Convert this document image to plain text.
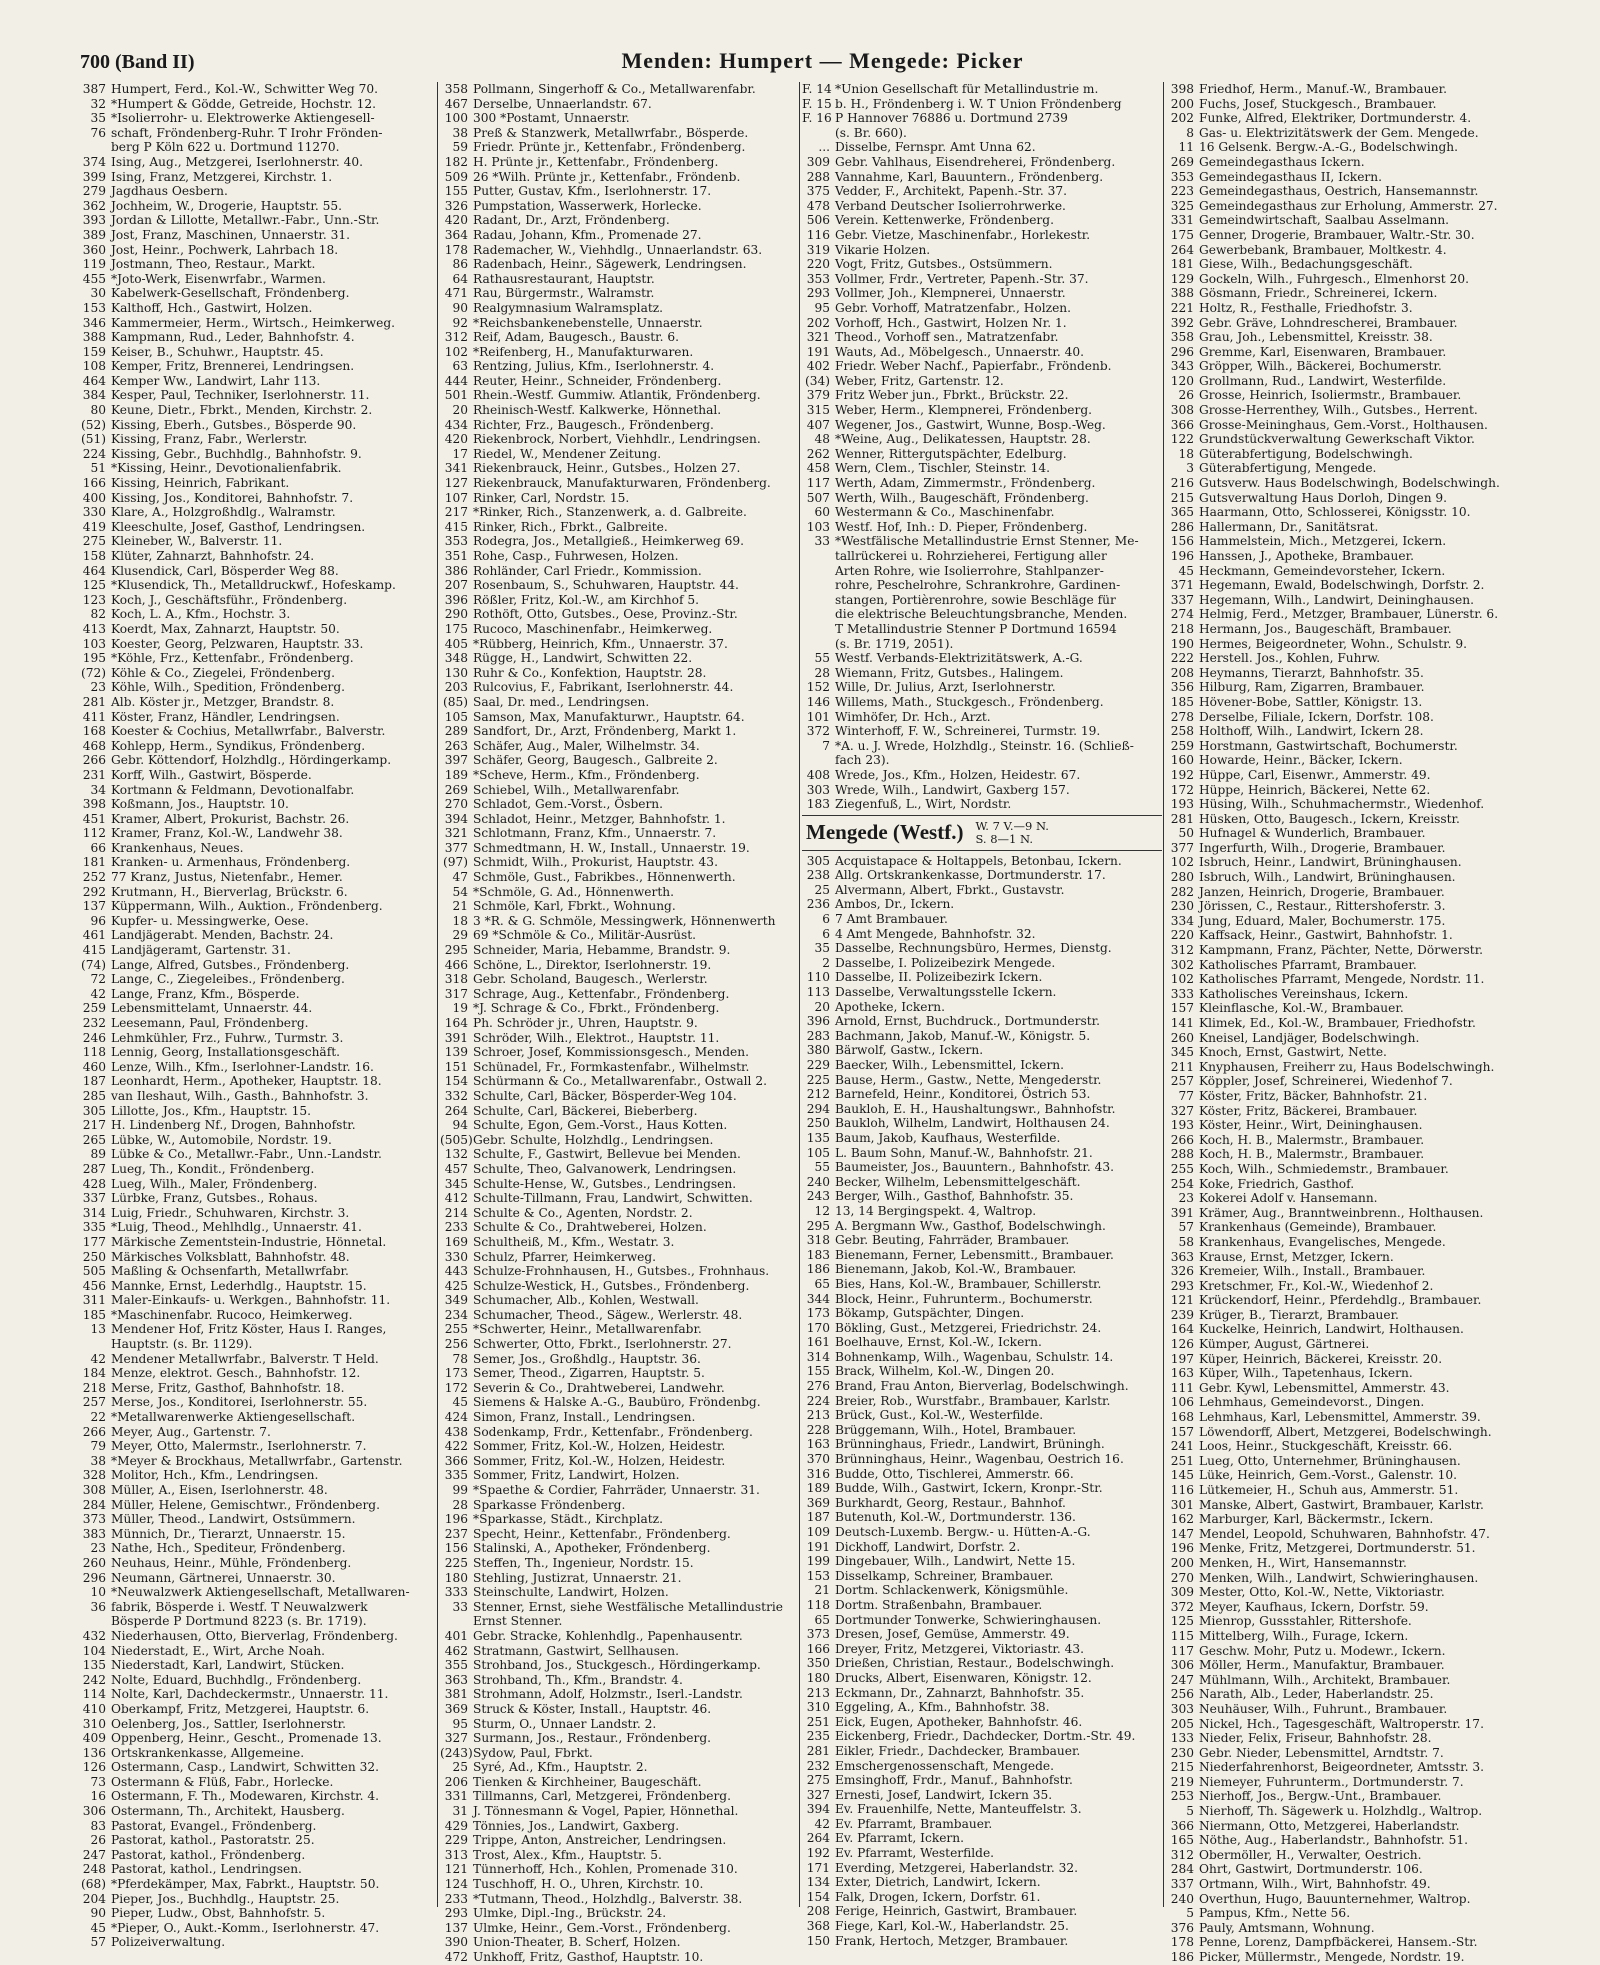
700 (Band II)	Menden: Humpert — Mengede: Picker
387 Humpert, Ferd., Kol.-W., Schwitter Weg 70.
32 *Humpert & Gödde, Getreide, Hochstr. 12.
35 *Isolierrohr- u. Elektrowerke Aktiengesell-
76 schaft, Fröndenberg-Ruhr. T Irohr Frönden-
berg P Köln 622 u. Dortmund 11270.
374 Ising, Aug., Metzgerei, Iserlohnerstr. 40.
399 Ising, Franz, Metzgerei, Kirchstr. 1.
279 Jagdhaus Oesbern.
362 Jochheim, W., Drogerie, Hauptstr. 55.
393 Jordan & Lillotte, Metallwr.-Fabr., Unn.-Str.
389 Jost, Franz, Maschinen, Unnaerstr. 31.
360 Jost, Heinr., Pochwerk, Lahrbach 18.
119 Jostmann, Theo, Restaur., Markt.
455 *Joto-Werk, Eisenwrfabr., Warmen.
30 Kabelwerk-Gesellschaft, Fröndenberg.
153 Kalthoff, Hch., Gastwirt, Holzen.
346 Kammermeier, Herm., Wirtsch., Heimkerweg.
388 Kampmann, Rud., Leder, Bahnhofstr. 4.
159 Keiser, B., Schuhwr., Hauptstr. 45.
108 Kemper, Fritz, Brennerei, Lendringsen.
464 Kemper Ww., Landwirt, Lahr 113.
384 Kesper, Paul, Techniker, Iserlohnerstr. 11.
80 Keune, Dietr., Fbrkt., Menden, Kirchstr. 2.
(52) Kissing, Eberh., Gutsbes., Bösperde 90.
(51) Kissing, Franz, Fabr., Werlerstr.
224 Kissing, Gebr., Buchhdlg., Bahnhofstr. 9.
51 *Kissing, Heinr., Devotionalienfabrik.
166 Kissing, Heinrich, Fabrikant.
400 Kissing, Jos., Konditorei, Bahnhofstr. 7.
330 Klare, A., Holzgroßhdlg., Walramstr.
419 Kleeschulte, Josef, Gasthof, Lendringsen.
275 Kleineber, W., Balverstr. 11.
158 Klüter, Zahnarzt, Bahnhofstr. 24.
464 Klusendick, Carl, Bösperder Weg 88.
125 *Klusendick, Th., Metalldruckwf., Hofeskamp.
123 Koch, J., Geschäftsführ., Fröndenberg.
82 Koch, L. A., Kfm., Hochstr. 3.
413 Koerdt, Max, Zahnarzt, Hauptstr. 50.
103 Koester, Georg, Pelzwaren, Hauptstr. 33.
195 *Köhle, Frz., Kettenfabr., Fröndenberg.
(72) Köhle & Co., Ziegelei, Fröndenberg.
23 Köhle, Wilh., Spedition, Fröndenberg.
281 Alb. Köster jr., Metzger, Brandstr. 8.
411 Köster, Franz, Händler, Lendringsen.
168 Koester & Cochius, Metallwrfabr., Balverstr.
468 Kohlepp, Herm., Syndikus, Fröndenberg.
266 Gebr. Köttendorf, Holzhdlg., Hördingerkamp.
231 Korff, Wilh., Gastwirt, Bösperde.
34 Kortmann & Feldmann, Devotionalfabr.
398 Koßmann, Jos., Hauptstr. 10.
451 Kramer, Albert, Prokurist, Bachstr. 26.
112 Kramer, Franz, Kol.-W., Landwehr 38.
66 Krankenhaus, Neues.
181 Kranken- u. Armenhaus, Fröndenberg.
252 77 Kranz, Justus, Nietenfabr., Hemer.
292 Krutmann, H., Bierverlag, Brückstr. 6.
137 Küppermann, Wilh., Auktion., Fröndenberg.
96 Kupfer- u. Messingwerke, Oese.
461 Landjägerabt. Menden, Bachstr. 24.
415 Landjägeramt, Gartenstr. 31.
(74) Lange, Alfred, Gutsbes., Fröndenberg.
72 Lange, C., Ziegeleibes., Fröndenberg.
42 Lange, Franz, Kfm., Bösperde.
259 Lebensmittelamt, Unnaerstr. 44.
232 Leesemann, Paul, Fröndenberg.
246 Lehmkühler, Frz., Fuhrw., Turmstr. 3.
118 Lennig, Georg, Installationsgeschäft.
460 Lenze, Wilh., Kfm., Iserlohner-Landstr. 16.
187 Leonhardt, Herm., Apotheker, Hauptstr. 18.
285 van Ileshaut, Wilh., Gasth., Bahnhofstr. 3.
305 Lillotte, Jos., Kfm., Hauptstr. 15.
217 H. Lindenberg Nf., Drogen, Bahnhofstr.
265 Lübke, W., Automobile, Nordstr. 19.
89 Lübke & Co., Metallwr.-Fabr., Unn.-Landstr.
287 Lueg, Th., Kondit., Fröndenberg.
428 Lueg, Wilh., Maler, Fröndenberg.
337 Lürbke, Franz, Gutsbes., Rohaus.
314 Luig, Friedr., Schuhwaren, Kirchstr. 3.
335 *Luig, Theod., Mehlhdlg., Unnaerstr. 41.
177 Märkische Zementstein-Industrie, Hönnetal.
250 Märkisches Volksblatt, Bahnhofstr. 48.
505 Maßling & Ochsenfarth, Metallwrfabr.
456 Mannke, Ernst, Lederhdlg., Hauptstr. 15.
311 Maler-Einkaufs- u. Werkgen., Bahnhofstr. 11.
185 *Maschinenfabr. Rucoco, Heimkerweg.
13 Mendener Hof, Fritz Köster, Haus I. Ranges,
Hauptstr. (s. Br. 1129).
42 Mendener Metallwrfabr., Balverstr. T Held.
184 Menze, elektrot. Gesch., Bahnhofstr. 12.
218 Merse, Fritz, Gasthof, Bahnhofstr. 18.
257 Merse, Jos., Konditorei, Iserlohnerstr. 55.
22 *Metallwarenwerke Aktiengesellschaft.
266 Meyer, Aug., Gartenstr. 7.
79 Meyer, Otto, Malermstr., Iserlohnerstr. 7.
38 *Meyer & Brockhaus, Metallwrfabr., Gartenstr.
328 Molitor, Hch., Kfm., Lendringsen.
308 Müller, A., Eisen, Iserlohnerstr. 48.
284 Müller, Helene, Gemischtwr., Fröndenberg.
373 Müller, Theod., Landwirt, Ostsümmern.
383 Münnich, Dr., Tierarzt, Unnaerstr. 15.
23 Nathe, Hch., Spediteur, Fröndenberg.
260 Neuhaus, Heinr., Mühle, Fröndenberg.
296 Neumann, Gärtnerei, Unnaerstr. 30.
10 *Neuwalzwerk Aktiengesellschaft, Metallwaren-
36 fabrik, Bösperde i. Westf. T Neuwalzwerk
Bösperde P Dortmund 8223 (s. Br. 1719).
432 Niederhausen, Otto, Bierverlag, Fröndenberg.
104 Niederstadt, E., Wirt, Arche Noah.
135 Niederstadt, Karl, Landwirt, Stücken.
242 Nolte, Eduard, Buchhdlg., Fröndenberg.
114 Nolte, Karl, Dachdeckermstr., Unnaerstr. 11.
410 Oberkampf, Fritz, Metzgerei, Hauptstr. 6.
310 Oelenberg, Jos., Sattler, Iserlohnerstr.
409 Oppenberg, Heinr., Gescht., Promenade 13.
136 Ortskrankenkasse, Allgemeine.
126 Ostermann, Casp., Landwirt, Schwitten 32.
73 Ostermann & Flüß, Fabr., Horlecke.
16 Ostermann, F. Th., Modewaren, Kirchstr. 4.
306 Ostermann, Th., Architekt, Hausberg.
83 Pastorat, Evangel., Fröndenberg.
26 Pastorat, kathol., Pastoratstr. 25.
247 Pastorat, kathol., Fröndenberg.
248 Pastorat, kathol., Lendringsen.
(68) *Pferdekämper, Max, Fabrkt., Hauptstr. 50.
204 Pieper, Jos., Buchhdlg., Hauptstr. 25.
90 Pieper, Ludw., Obst, Bahnhofstr. 5.
45 *Pieper, O., Aukt.-Komm., Iserlohnerstr. 47.
57 Polizeiverwaltung.
358 Pollmann, Singerhoff & Co., Metallwarenfabr.
467 Derselbe, Unnaerlandstr. 67.
100 300 *Postamt, Unnaerstr.
38 Preß & Stanzwerk, Metallwrfabr., Bösperde.
59 Friedr. Prünte jr., Kettenfabr., Fröndenberg.
182 H. Prünte jr., Kettenfabr., Fröndenberg.
509 26 *Wilh. Prünte jr., Kettenfabr., Fröndenb.
155 Putter, Gustav, Kfm., Iserlohnerstr. 17.
326 Pumpstation, Wasserwerk, Horlecke.
420 Radant, Dr., Arzt, Fröndenberg.
364 Radau, Johann, Kfm., Promenade 27.
178 Rademacher, W., Viehhdlg., Unnaerlandstr. 63.
86 Radenbach, Heinr., Sägewerk, Lendringsen.
64 Rathausrestaurant, Hauptstr.
471 Rau, Bürgermstr., Walramstr.
90 Realgymnasium Walramsplatz.
92 *Reichsbankenebenstelle, Unnaerstr.
312 Reif, Adam, Baugesch., Baustr. 6.
102 *Reifenberg, H., Manufakturwaren.
63 Rentzing, Julius, Kfm., Iserlohnerstr. 4.
444 Reuter, Heinr., Schneider, Fröndenberg.
501 Rhein.-Westf. Gummiw. Atlantik, Fröndenberg.
20 Rheinisch-Westf. Kalkwerke, Hönnethal.
434 Richter, Frz., Baugesch., Fröndenberg.
420 Riekenbrock, Norbert, Viehhdlr., Lendringsen.
17 Riedel, W., Mendener Zeitung.
341 Riekenbrauck, Heinr., Gutsbes., Holzen 27.
127 Riekenbrauck, Manufakturwaren, Fröndenberg.
107 Rinker, Carl, Nordstr. 15.
217 *Rinker, Rich., Stanzenwerk, a. d. Galbreite.
415 Rinker, Rich., Fbrkt., Galbreite.
353 Rodegra, Jos., Metallgieß., Heimkerweg 69.
351 Rohe, Casp., Fuhrwesen, Holzen.
386 Rohländer, Carl Friedr., Kommission.
207 Rosenbaum, S., Schuhwaren, Hauptstr. 44.
396 Rößler, Fritz, Kol.-W., am Kirchhof 5.
290 Rothöft, Otto, Gutsbes., Oese, Provinz.-Str.
175 Rucoco, Maschinenfabr., Heimkerweg.
405 *Rübberg, Heinrich, Kfm., Unnaerstr. 37.
348 Rügge, H., Landwirt, Schwitten 22.
130 Ruhr & Co., Konfektion, Hauptstr. 28.
203 Rulcovius, F., Fabrikant, Iserlohnerstr. 44.
(85) Saal, Dr. med., Lendringsen.
105 Samson, Max, Manufakturwr., Hauptstr. 64.
289 Sandfort, Dr., Arzt, Fröndenberg, Markt 1.
263 Schäfer, Aug., Maler, Wilhelmstr. 34.
397 Schäfer, Georg, Baugesch., Galbreite 2.
189 *Scheve, Herm., Kfm., Fröndenberg.
269 Schiebel, Wilh., Metallwarenfabr.
270 Schladot, Gem.-Vorst., Ösbern.
394 Schladot, Heinr., Metzger, Bahnhofstr. 1.
321 Schlotmann, Franz, Kfm., Unnaerstr. 7.
377 Schmedtmann, H. W., Install., Unnaerstr. 19.
(97) Schmidt, Wilh., Prokurist, Hauptstr. 43.
47 Schmöle, Gust., Fabrikbes., Hönnenwerth.
54 *Schmöle, G. Ad., Hönnenwerth.
21 Schmöle, Karl, Fbrkt., Wohnung.
18 3 *R. & G. Schmöle, Messingwerk, Hönnenwerth
29 69 *Schmöle & Co., Militär-Ausrüst.
295 Schneider, Maria, Hebamme, Brandstr. 9.
466 Schöne, L., Direktor, Iserlohnerstr. 19.
318 Gebr. Scholand, Baugesch., Werlerstr.
317 Schrage, Aug., Kettenfabr., Fröndenberg.
19 *J. Schrage & Co., Fbrkt., Fröndenberg.
164 Ph. Schröder jr., Uhren, Hauptstr. 9.
391 Schröder, Wilh., Elektrot., Hauptstr. 11.
139 Schroer, Josef, Kommissionsgesch., Menden.
151 Schünadel, Fr., Formkastenfabr., Wilhelmstr.
154 Schürmann & Co., Metallwarenfabr., Ostwall 2.
332 Schulte, Carl, Bäcker, Bösperder-Weg 104.
264 Schulte, Carl, Bäckerei, Bieberberg.
94 Schulte, Egon, Gem.-Vorst., Haus Kotten.
(505) Gebr. Schulte, Holzhdlg., Lendringsen.
132 Schulte, F., Gastwirt, Bellevue bei Menden.
457 Schulte, Theo, Galvanowerk, Lendringsen.
345 Schulte-Hense, W., Gutsbes., Lendringsen.
412 Schulte-Tillmann, Frau, Landwirt, Schwitten.
214 Schulte & Co., Agenten, Nordstr. 2.
233 Schulte & Co., Drahtweberei, Holzen.
169 Schultheiß, M., Kfm., Westatr. 3.
330 Schulz, Pfarrer, Heimkerweg.
443 Schulze-Frohnhausen, H., Gutsbes., Frohnhaus.
425 Schulze-Westick, H., Gutsbes., Fröndenberg.
349 Schumacher, Alb., Kohlen, Westwall.
234 Schumacher, Theod., Sägew., Werlerstr. 48.
255 *Schwerter, Heinr., Metallwarenfabr.
256 Schwerter, Otto, Fbrkt., Iserlohnerstr. 27.
78 Semer, Jos., Großhdlg., Hauptstr. 36.
173 Semer, Theod., Zigarren, Hauptstr. 5.
172 Severin & Co., Drahtweberei, Landwehr.
45 Siemens & Halske A.-G., Baubüro, Fröndenbg.
424 Simon, Franz, Install., Lendringsen.
438 Sodenkamp, Frdr., Kettenfabr., Fröndenberg.
422 Sommer, Fritz, Kol.-W., Holzen, Heidestr.
366 Sommer, Fritz, Kol.-W., Holzen, Heidestr.
335 Sommer, Fritz, Landwirt, Holzen.
99 *Spaethe & Cordier, Fahrräder, Unnaerstr. 31.
28 Sparkasse Fröndenberg.
196 *Sparkasse, Städt., Kirchplatz.
237 Specht, Heinr., Kettenfabr., Fröndenberg.
156 Stalinski, A., Apotheker, Fröndenberg.
225 Steffen, Th., Ingenieur, Nordstr. 15.
180 Stehling, Justizrat, Unnaerstr. 21.
333 Steinschulte, Landwirt, Holzen.
33 Stenner, Ernst, siehe Westfälische Metallindustrie
Ernst Stenner.
401 Gebr. Stracke, Kohlenhdlg., Papenhausentr.
462 Stratmann, Gastwirt, Sellhausen.
355 Strohband, Jos., Stuckgesch., Hördingerkamp.
363 Strohband, Th., Kfm., Brandstr. 4.
381 Strohmann, Adolf, Holzmstr., Iserl.-Landstr.
369 Struck & Köster, Install., Hauptstr. 46.
95 Sturm, O., Unnaer Landstr. 2.
327 Surmann, Jos., Restaur., Fröndenberg.
(243) Sydow, Paul, Fbrkt.
25 Syré, Ad., Kfm., Hauptstr. 2.
206 Tienken & Kirchheiner, Baugeschäft.
331 Tillmanns, Carl, Metzgerei, Fröndenberg.
31 J. Tönnesmann & Vogel, Papier, Hönnethal.
429 Tönnies, Jos., Landwirt, Gaxberg.
229 Trippe, Anton, Anstreicher, Lendringsen.
313 Trost, Alex., Kfm., Hauptstr. 5.
121 Tünnerhoff, Hch., Kohlen, Promenade 310.
124 Tuschhoff, H. O., Uhren, Kirchstr. 10.
233 *Tutmann, Theod., Holzhdlg., Balverstr. 38.
293 Ulmke, Dipl.-Ing., Brückstr. 24.
137 Ulmke, Heinr., Gem.-Vorst., Fröndenberg.
390 Union-Theater, B. Scherf, Holzen.
472 Unkhoff, Fritz, Gasthof, Hauptstr. 10.
F. 14 *Union Gesellschaft für Metallindustrie m.
F. 15 b. H., Fröndenberg i. W. T Union Fröndenberg
F. 16 P Hannover 76886 u. Dortmund 2739
(s. Br. 660).
... Disselbe, Fernspr. Amt Unna 62.
309 Gebr. Vahlhaus, Eisendreherei, Fröndenberg.
288 Vannahme, Karl, Bauuntern., Fröndenberg.
375 Vedder, F., Architekt, Papenh.-Str. 37.
478 Verband Deutscher Isolierrohrwerke.
506 Verein. Kettenwerke, Fröndenberg.
116 Gebr. Vietze, Maschinenfabr., Horlekestr.
319 Vikarie Holzen.
220 Vogt, Fritz, Gutsbes., Ostsümmern.
353 Vollmer, Frdr., Vertreter, Papenh.-Str. 37.
293 Vollmer, Joh., Klempnerei, Unnaerstr.
95 Gebr. Vorhoff, Matratzenfabr., Holzen.
202 Vorhoff, Hch., Gastwirt, Holzen Nr. 1.
321 Theod., Vorhoff sen., Matratzenfabr.
191 Wauts, Ad., Möbelgesch., Unnaerstr. 40.
402 Friedr. Weber Nachf., Papierfabr., Fröndenb.
(34) Weber, Fritz, Gartenstr. 12.
379 Fritz Weber jun., Fbrkt., Brückstr. 22.
315 Weber, Herm., Klempnerei, Fröndenberg.
407 Wegener, Jos., Gastwirt, Wunne, Bosp.-Weg.
48 *Weine, Aug., Delikatessen, Hauptstr. 28.
262 Wenner, Rittergutspächter, Edelburg.
458 Wern, Clem., Tischler, Steinstr. 14.
117 Werth, Adam, Zimmermstr., Fröndenberg.
507 Werth, Wilh., Baugeschäft, Fröndenberg.
60 Westermann & Co., Maschinenfabr.
103 Westf. Hof, Inh.: D. Pieper, Fröndenberg.
33 *Westfälische Metallindustrie Ernst Stenner, Me-
tallrückerei u. Rohrzieherei, Fertigung aller
Arten Rohre, wie Isolierrohre, Stahlpanzer-
rohre, Peschelrohre, Schrankrohre, Gardinen-
stangen, Portièrenrohre, sowie Beschläge für
die elektrische Beleuchtungsbranche, Menden.
T Metallindustrie Stenner P Dortmund 16594
(s. Br. 1719, 2051).
55 Westf. Verbands-Elektrizitätswerk, A.-G.
28 Wiemann, Fritz, Gutsbes., Halingem.
152 Wille, Dr. Julius, Arzt, Iserlohnerstr.
146 Willems, Math., Stuckgesch., Fröndenberg.
101 Wimhöfer, Dr. Hch., Arzt.
372 Winterhoff, F. W., Schreinerei, Turmstr. 19.
7 *A. u. J. Wrede, Holzhdlg., Steinstr. 16. (Schließ-
fach 23).
408 Wrede, Jos., Kfm., Holzen, Heidestr. 67.
303 Wrede, Wilh., Landwirt, Gaxberg 157.
183 Ziegenfuß, L., Wirt, Nordstr.
Mengede (Westf.) W. 7 V.—9 N.
S. 8—1 N.
305 Acquistapace & Holtappels, Betonbau, Ickern.
238 Allg. Ortskrankenkasse, Dortmunderstr. 17.
25 Alvermann, Albert, Fbrkt., Gustavstr.
236 Ambos, Dr., Ickern.
6 7 Amt Brambauer.
6 4 Amt Mengede, Bahnhofstr. 32.
35 Dasselbe, Rechnungsbüro, Hermes, Dienstg.
2 Dasselbe, I. Polizeibezirk Mengede.
110 Dasselbe, II. Polizeibezirk Ickern.
113 Dasselbe, Verwaltungsstelle Ickern.
20 Apotheke, Ickern.
396 Arnold, Ernst, Buchdruck., Dortmunderstr.
283 Bachmann, Jakob, Manuf.-W., Königstr. 5.
380 Bärwolf, Gastw., Ickern.
229 Baecker, Wilh., Lebensmittel, Ickern.
225 Bause, Herm., Gastw., Nette, Mengederstr.
212 Barnefeld, Heinr., Konditorei, Östrich 53.
294 Baukloh, E. H., Haushaltungswr., Bahnhofstr.
250 Baukloh, Wilhelm, Landwirt, Holthausen 24.
135 Baum, Jakob, Kaufhaus, Westerfilde.
105 L. Baum Sohn, Manuf.-W., Bahnhofstr. 21.
55 Baumeister, Jos., Bauuntern., Bahnhofstr. 43.
240 Becker, Wilhelm, Lebensmittelgeschäft.
243 Berger, Wilh., Gasthof, Bahnhofstr. 35.
12 13, 14 Bergingspekt. 4, Waltrop.
295 A. Bergmann Ww., Gasthof, Bodelschwingh.
318 Gebr. Beuting, Fahrräder, Brambauer.
183 Bienemann, Ferner, Lebensmitt., Brambauer.
186 Bienemann, Jakob, Kol.-W., Brambauer.
65 Bies, Hans, Kol.-W., Brambauer, Schillerstr.
344 Block, Heinr., Fuhrunterm., Bochumerstr.
173 Bökamp, Gutspächter, Dingen.
170 Bökling, Gust., Metzgerei, Friedrichstr. 24.
161 Boelhauve, Ernst, Kol.-W., Ickern.
314 Bohnenkamp, Wilh., Wagenbau, Schulstr. 14.
155 Brack, Wilhelm, Kol.-W., Dingen 20.
276 Brand, Frau Anton, Bierverlag, Bodelschwingh.
224 Breier, Rob., Wurstfabr., Brambauer, Karlstr.
213 Brück, Gust., Kol.-W., Westerfilde.
228 Brüggemann, Wilh., Hotel, Brambauer.
163 Brünninghaus, Friedr., Landwirt, Brüningh.
370 Brünninghaus, Heinr., Wagenbau, Oestrich 16.
316 Budde, Otto, Tischlerei, Ammerstr. 66.
189 Budde, Wilh., Gastwirt, Ickern, Kronpr.-Str.
369 Burkhardt, Georg, Restaur., Bahnhof.
187 Butenuth, Kol.-W., Dortmunderstr. 136.
109 Deutsch-Luxemb. Bergw.- u. Hütten-A.-G.
191 Dickhoff, Landwirt, Dorfstr. 2.
199 Dingebauer, Wilh., Landwirt, Nette 15.
153 Disselkamp, Schreiner, Brambauer.
21 Dortm. Schlackenwerk, Königsmühle.
118 Dortm. Straßenbahn, Brambauer.
65 Dortmunder Tonwerke, Schwieringhausen.
373 Dresen, Josef, Gemüse, Ammerstr. 49.
166 Dreyer, Fritz, Metzgerei, Viktoriastr. 43.
350 Drießen, Christian, Restaur., Bodelschwingh.
180 Drucks, Albert, Eisenwaren, Königstr. 12.
213 Eckmann, Dr., Zahnarzt, Bahnhofstr. 35.
310 Eggeling, A., Kfm., Bahnhofstr. 38.
251 Eick, Eugen, Apotheker, Bahnhofstr. 46.
235 Eickenberg, Friedr., Dachdecker, Dortm.-Str. 49.
281 Eikler, Friedr., Dachdecker, Brambauer.
232 Emschergenossenschaft, Mengede.
275 Emsinghoff, Frdr., Manuf., Bahnhofstr.
327 Ernesti, Josef, Landwirt, Ickern 35.
394 Ev. Frauenhilfe, Nette, Manteuffelstr. 3.
42 Ev. Pfarramt, Brambauer.
264 Ev. Pfarramt, Ickern.
192 Ev. Pfarramt, Westerfilde.
171 Everding, Metzgerei, Haberlandstr. 32.
134 Exter, Dietrich, Landwirt, Ickern.
154 Falk, Drogen, Ickern, Dorfstr. 61.
208 Ferige, Heinrich, Gastwirt, Brambauer.
368 Fiege, Karl, Kol.-W., Haberlandstr. 25.
150 Frank, Hertoch, Metzger, Brambauer.
398 Friedhof, Herm., Manuf.-W., Brambauer.
200 Fuchs, Josef, Stuckgesch., Brambauer.
202 Funke, Alfred, Elektriker, Dortmunderstr. 4.
8 Gas- u. Elektrizitätswerk der Gem. Mengede.
11 16 Gelsenk. Bergw.-A.-G., Bodelschwingh.
269 Gemeindegasthaus Ickern.
353 Gemeindegasthaus II, Ickern.
223 Gemeindegasthaus, Oestrich, Hansemannstr.
325 Gemeindegasthaus zur Erholung, Ammerstr. 27.
331 Gemeindwirtschaft, Saalbau Asselmann.
175 Genner, Drogerie, Brambauer, Waltr.-Str. 30.
264 Gewerbebank, Brambauer, Moltkestr. 4.
181 Giese, Wilh., Bedachungsgeschäft.
129 Gockeln, Wilh., Fuhrgesch., Elmenhorst 20.
388 Gösmann, Friedr., Schreinerei, Ickern.
221 Holtz, R., Festhalle, Friedhofstr. 3.
392 Gebr. Gräve, Lohndrescherei, Brambauer.
358 Grau, Joh., Lebensmittel, Kreisstr. 38.
296 Gremme, Karl, Eisenwaren, Brambauer.
343 Gröpper, Wilh., Bäckerei, Bochumerstr.
120 Grollmann, Rud., Landwirt, Westerfilde.
26 Grosse, Heinrich, Isoliermstr., Brambauer.
308 Grosse-Herrenthey, Wilh., Gutsbes., Herrent.
366 Grosse-Meininghaus, Gem.-Vorst., Holthausen.
122 Grundstückverwaltung Gewerkschaft Viktor.
18 Güterabfertigung, Bodelschwingh.
3 Güterabfertigung, Mengede.
216 Gutsverw. Haus Bodelschwingh, Bodelschwingh.
215 Gutsverwaltung Haus Dorloh, Dingen 9.
365 Haarmann, Otto, Schlosserei, Königsstr. 10.
286 Hallermann, Dr., Sanitätsrat.
156 Hammelstein, Mich., Metzgerei, Ickern.
196 Hanssen, J., Apotheke, Brambauer.
45 Heckmann, Gemeindevorsteher, Ickern.
371 Hegemann, Ewald, Bodelschwingh, Dorfstr. 2.
337 Hegemann, Wilh., Landwirt, Deininghausen.
274 Helmig, Ferd., Metzger, Brambauer, Lünerstr. 6.
218 Hermann, Jos., Baugeschäft, Brambauer.
190 Hermes, Beigeordneter, Wohn., Schulstr. 9.
222 Herstell. Jos., Kohlen, Fuhrw.
208 Heymanns, Tierarzt, Bahnhofstr. 35.
356 Hilburg, Ram, Zigarren, Brambauer.
185 Hövener-Bobe, Sattler, Königstr. 13.
278 Derselbe, Filiale, Ickern, Dorfstr. 108.
258 Holthoff, Wilh., Landwirt, Ickern 28.
259 Horstmann, Gastwirtschaft, Bochumerstr.
160 Howarde, Heinr., Bäcker, Ickern.
192 Hüppe, Carl, Eisenwr., Ammerstr. 49.
172 Hüppe, Heinrich, Bäckerei, Nette 62.
193 Hüsing, Wilh., Schuhmachermstr., Wiedenhof.
281 Hüsken, Otto, Baugesch., Ickern, Kreisstr.
50 Hufnagel & Wunderlich, Brambauer.
377 Ingerfurth, Wilh., Drogerie, Brambauer.
102 Isbruch, Heinr., Landwirt, Brüninghausen.
280 Isbruch, Wilh., Landwirt, Brüninghausen.
282 Janzen, Heinrich, Drogerie, Brambauer.
230 Jörissen, C., Restaur., Rittershoferstr. 3.
334 Jung, Eduard, Maler, Bochumerstr. 175.
220 Kaffsack, Heinr., Gastwirt, Bahnhofstr. 1.
312 Kampmann, Franz, Pächter, Nette, Dörwerstr.
302 Katholisches Pfarramt, Brambauer.
102 Katholisches Pfarramt, Mengede, Nordstr. 11.
333 Katholisches Vereinshaus, Ickern.
157 Kleinflasche, Kol.-W., Brambauer.
141 Klimek, Ed., Kol.-W., Brambauer, Friedhofstr.
260 Kneisel, Landjäger, Bodelschwingh.
345 Knoch, Ernst, Gastwirt, Nette.
211 Knyphausen, Freiherr zu, Haus Bodelschwingh.
257 Köppler, Josef, Schreinerei, Wiedenhof 7.
77 Köster, Fritz, Bäcker, Bahnhofstr. 21.
327 Köster, Fritz, Bäckerei, Brambauer.
193 Köster, Heinr., Wirt, Deininghausen.
266 Koch, H. B., Malermstr., Brambauer.
288 Koch, H. B., Malermstr., Brambauer.
255 Koch, Wilh., Schmiedemstr., Brambauer.
254 Koke, Friedrich, Gasthof.
23 Kokerei Adolf v. Hansemann.
391 Krämer, Aug., Branntweinbrenn., Holthausen.
57 Krankenhaus (Gemeinde), Brambauer.
58 Krankenhaus, Evangelisches, Mengede.
363 Krause, Ernst, Metzger, Ickern.
326 Kremeier, Wilh., Install., Brambauer.
293 Kretschmer, Fr., Kol.-W., Wiedenhof 2.
121 Krückendorf, Heinr., Pferdehdlg., Brambauer.
239 Krüger, B., Tierarzt, Brambauer.
164 Kuckelke, Heinrich, Landwirt, Holthausen.
126 Kümper, August, Gärtnerei.
197 Küper, Heinrich, Bäckerei, Kreisstr. 20.
163 Küper, Wilh., Tapetenhaus, Ickern.
111 Gebr. Kywl, Lebensmittel, Ammerstr. 43.
106 Lehmhaus, Gemeindevorst., Dingen.
168 Lehmhaus, Karl, Lebensmittel, Ammerstr. 39.
157 Löwendorff, Albert, Metzgerei, Bodelschwingh.
241 Loos, Heinr., Stuckgeschäft, Kreisstr. 66.
251 Lueg, Otto, Unternehmer, Brüninghausen.
145 Lüke, Heinrich, Gem.-Vorst., Galenstr. 10.
116 Lütkemeier, H., Schuh aus, Ammerstr. 51.
301 Manske, Albert, Gastwirt, Brambauer, Karlstr.
162 Marburger, Karl, Bäckermstr., Ickern.
147 Mendel, Leopold, Schuhwaren, Bahnhofstr. 47.
196 Menke, Fritz, Metzgerei, Dortmunderstr. 51.
200 Menken, H., Wirt, Hansemannstr.
270 Menken, Wilh., Landwirt, Schwieringhausen.
309 Mester, Otto, Kol.-W., Nette, Viktoriastr.
372 Meyer, Kaufhaus, Ickern, Dorfstr. 59.
125 Mienrop, Gussstahler, Rittershofe.
115 Mittelberg, Wilh., Furage, Ickern.
117 Geschw. Mohr, Putz u. Modewr., Ickern.
306 Möller, Herm., Manufaktur, Brambauer.
247 Mühlmann, Wilh., Architekt, Brambauer.
256 Narath, Alb., Leder, Haberlandstr. 25.
303 Neuhäuser, Wilh., Fuhrunt., Brambauer.
205 Nickel, Hch., Tagesgeschäft, Waltroperstr. 17.
133 Nieder, Felix, Friseur, Bahnhofstr. 28.
230 Gebr. Nieder, Lebensmittel, Arndtstr. 7.
215 Niederfahrenhorst, Beigeordneter, Amtsstr. 3.
219 Niemeyer, Fuhrunterm., Dortmunderstr. 7.
253 Nierhoff, Jos., Bergw.-Unt., Brambauer.
5 Nierhoff, Th. Sägewerk u. Holzhdlg., Waltrop.
366 Niermann, Otto, Metzgerei, Haberlandstr.
165 Nöthe, Aug., Haberlandstr., Bahnhofstr. 51.
312 Obermöller, H., Verwalter, Oestrich.
284 Ohrt, Gastwirt, Dortmunderstr. 106.
337 Ortmann, Wilh., Wirt, Bahnhofstr. 49.
240 Overthun, Hugo, Bauunternehmer, Waltrop.
5 Pampus, Kfm., Nette 56.
376 Pauly, Amtsmann, Wohnung.
178 Penne, Lorenz, Dampfbäckerei, Hansem.-Str.
186 Picker, Müllermstr., Mengede, Nordstr. 19.
